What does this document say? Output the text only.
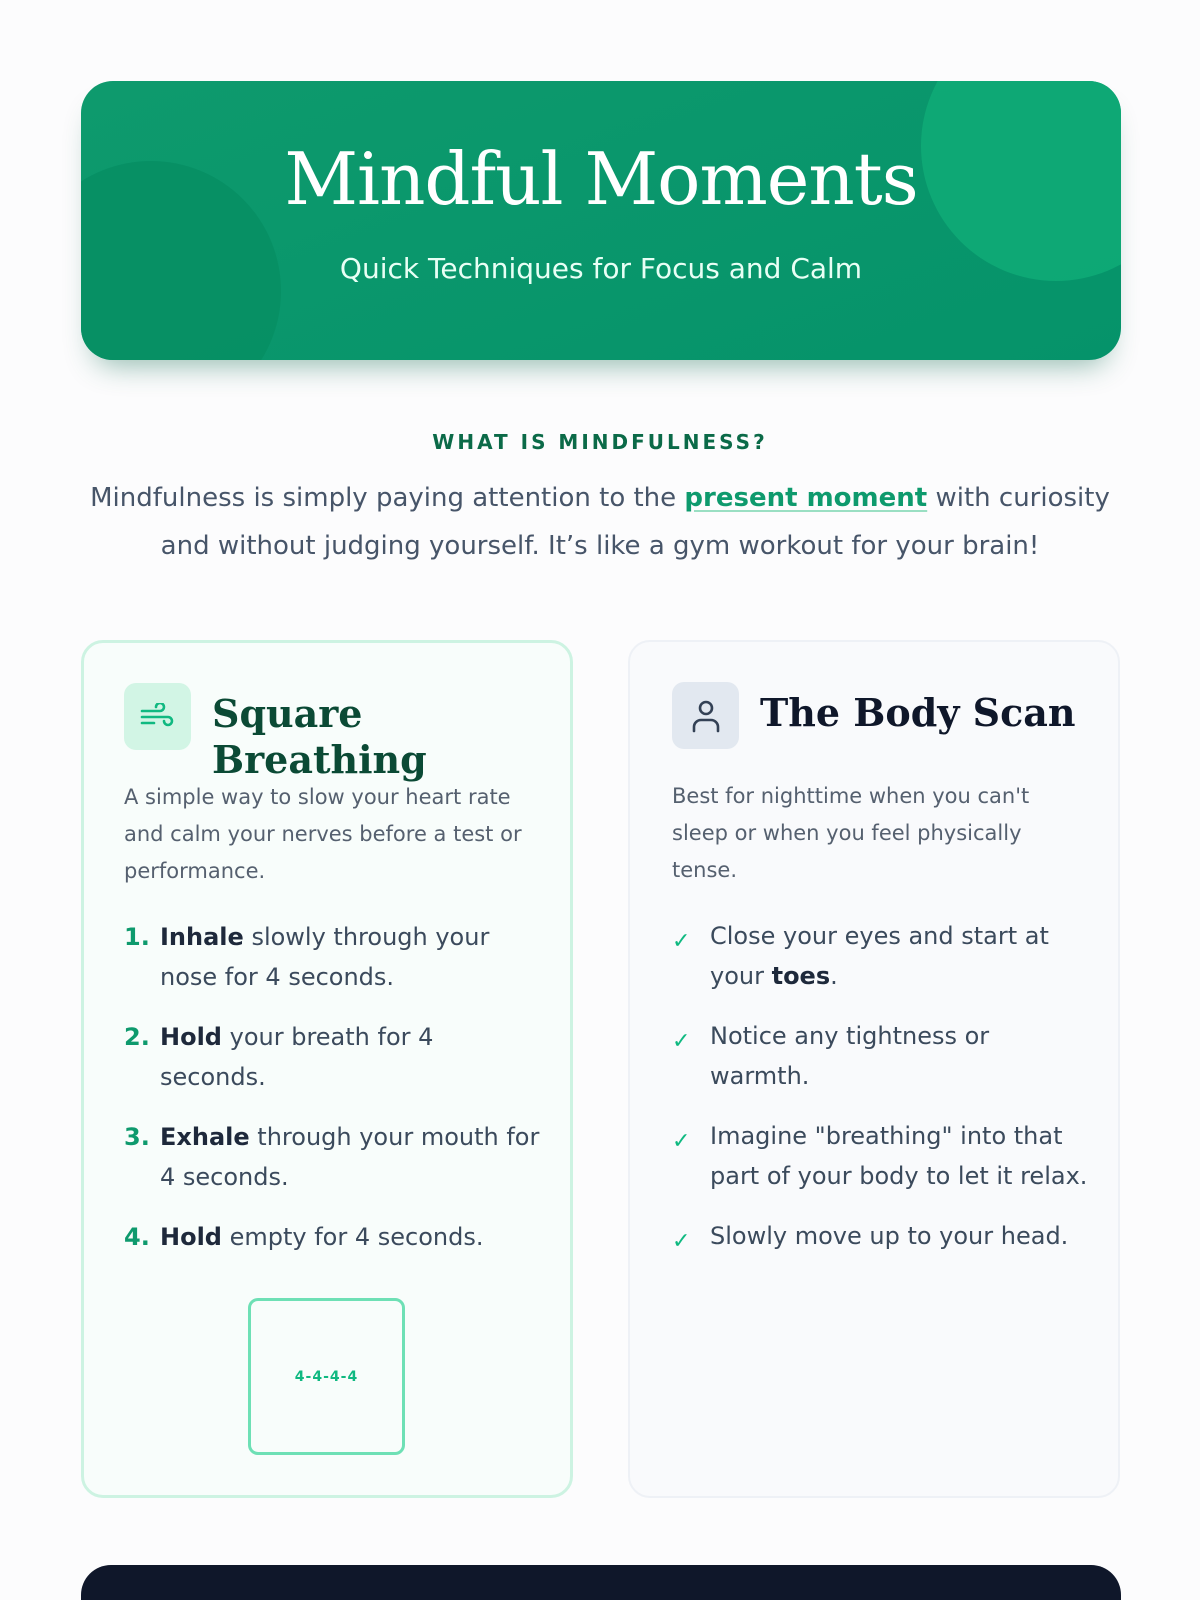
Mindful Moments
Quick Techniques for Focus and Calm
WHAT IS MINDFULNESS?

Mindfulness is simply paying attention to the present moment with curiosity and without judging yourself. It’s like a gym workout for your brain!

Square Breathing

A simple way to slow your heart rate and calm your nerves before a test or performance.

1. Inhale slowly through your nose for 4 seconds.
2. Hold your breath for 4 seconds.
3. Exhale through your mouth for 4 seconds.
4. Hold empty for 4 seconds.
4-4-4-4
The Body Scan

Best for nighttime when you can't sleep or when you feel physically tense.

✓ Close your eyes and start at your toes.
✓ Notice any tightness or warmth.
✓ Imagine "breathing" into that part of your body to let it relax.
✓ Slowly move up to your head.
